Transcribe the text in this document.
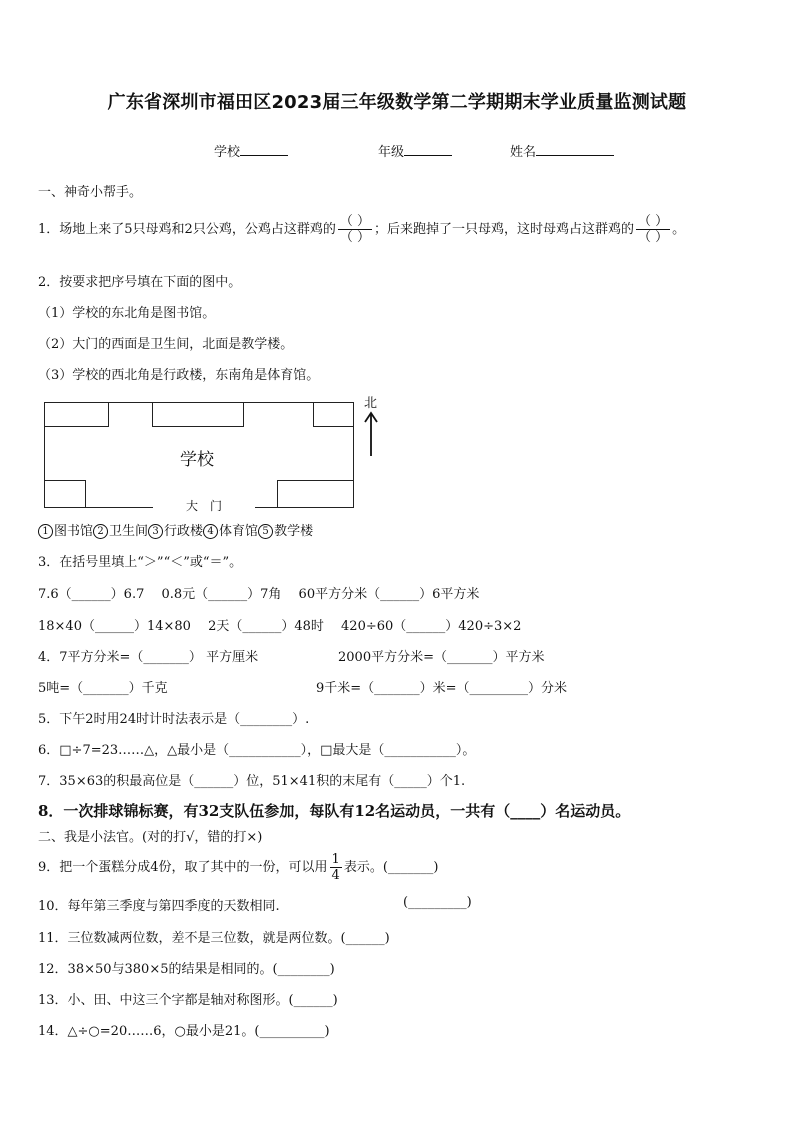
广东省深圳市福田区2023届三年级数学第二学期期末学业质量监测试题
学校	年级	姓名
一、神奇小帮手。
1．场地上来了5只母鸡和2只公鸡，公鸡占这群鸡的 $\frac{( )}{( )}$ ；后来跑掉了一只母鸡，这时母鸡占这群鸡的 $\frac{( )}{( )}$ 。
2．按要求把序号填在下面的图中。
（1）学校的东北角是图书馆。
（2）大门的西面是卫生间，北面是教学楼。
（3）学校的西北角是行政楼，东南角是体育馆。
学校
大　门
北
1 图书馆 2 卫生间 3 行政楼 4 体育馆 5 教学楼
3．在括号里填上“＞”“＜”或“＝”。
7.6（______）6.7　 0.8元（______）7角　 60平方分米（______）6平方米
18×40（______）14×80　 2天（______）48时　 420÷60（______）420÷3×2
4．7平方分米=（_______） 平方厘米	2000平方分米=（_______）平方米
5吨=（_______）千克	9千米=（_______）米=（_________）分米
5．下午2时用24时计时法表示是（________）.
6．□÷7=23……△，△最小是（___________），□最大是（___________）。
7．35×63的积最高位是（______）位，51×41积的末尾有（_____）个1.
8．一次排球锦标赛，有32支队伍参加，每队有12名运动员，一共有（____）名运动员。
二、我是小法官。(对的打√，错的打×)
9．把一个蛋糕分成4份，取了其中的一份，可以用 $\frac{1}{4}$ 表示。(_______)
10．每年第三季度与第四季度的天数相同.	(_________)
11．三位数减两位数，差不是三位数，就是两位数。(______)
12．38×50与380×5的结果是相同的。(________)
13．小、田、中这三个字都是轴对称图形。(______)
14．△÷○=20……6，○最小是21。(__________)
